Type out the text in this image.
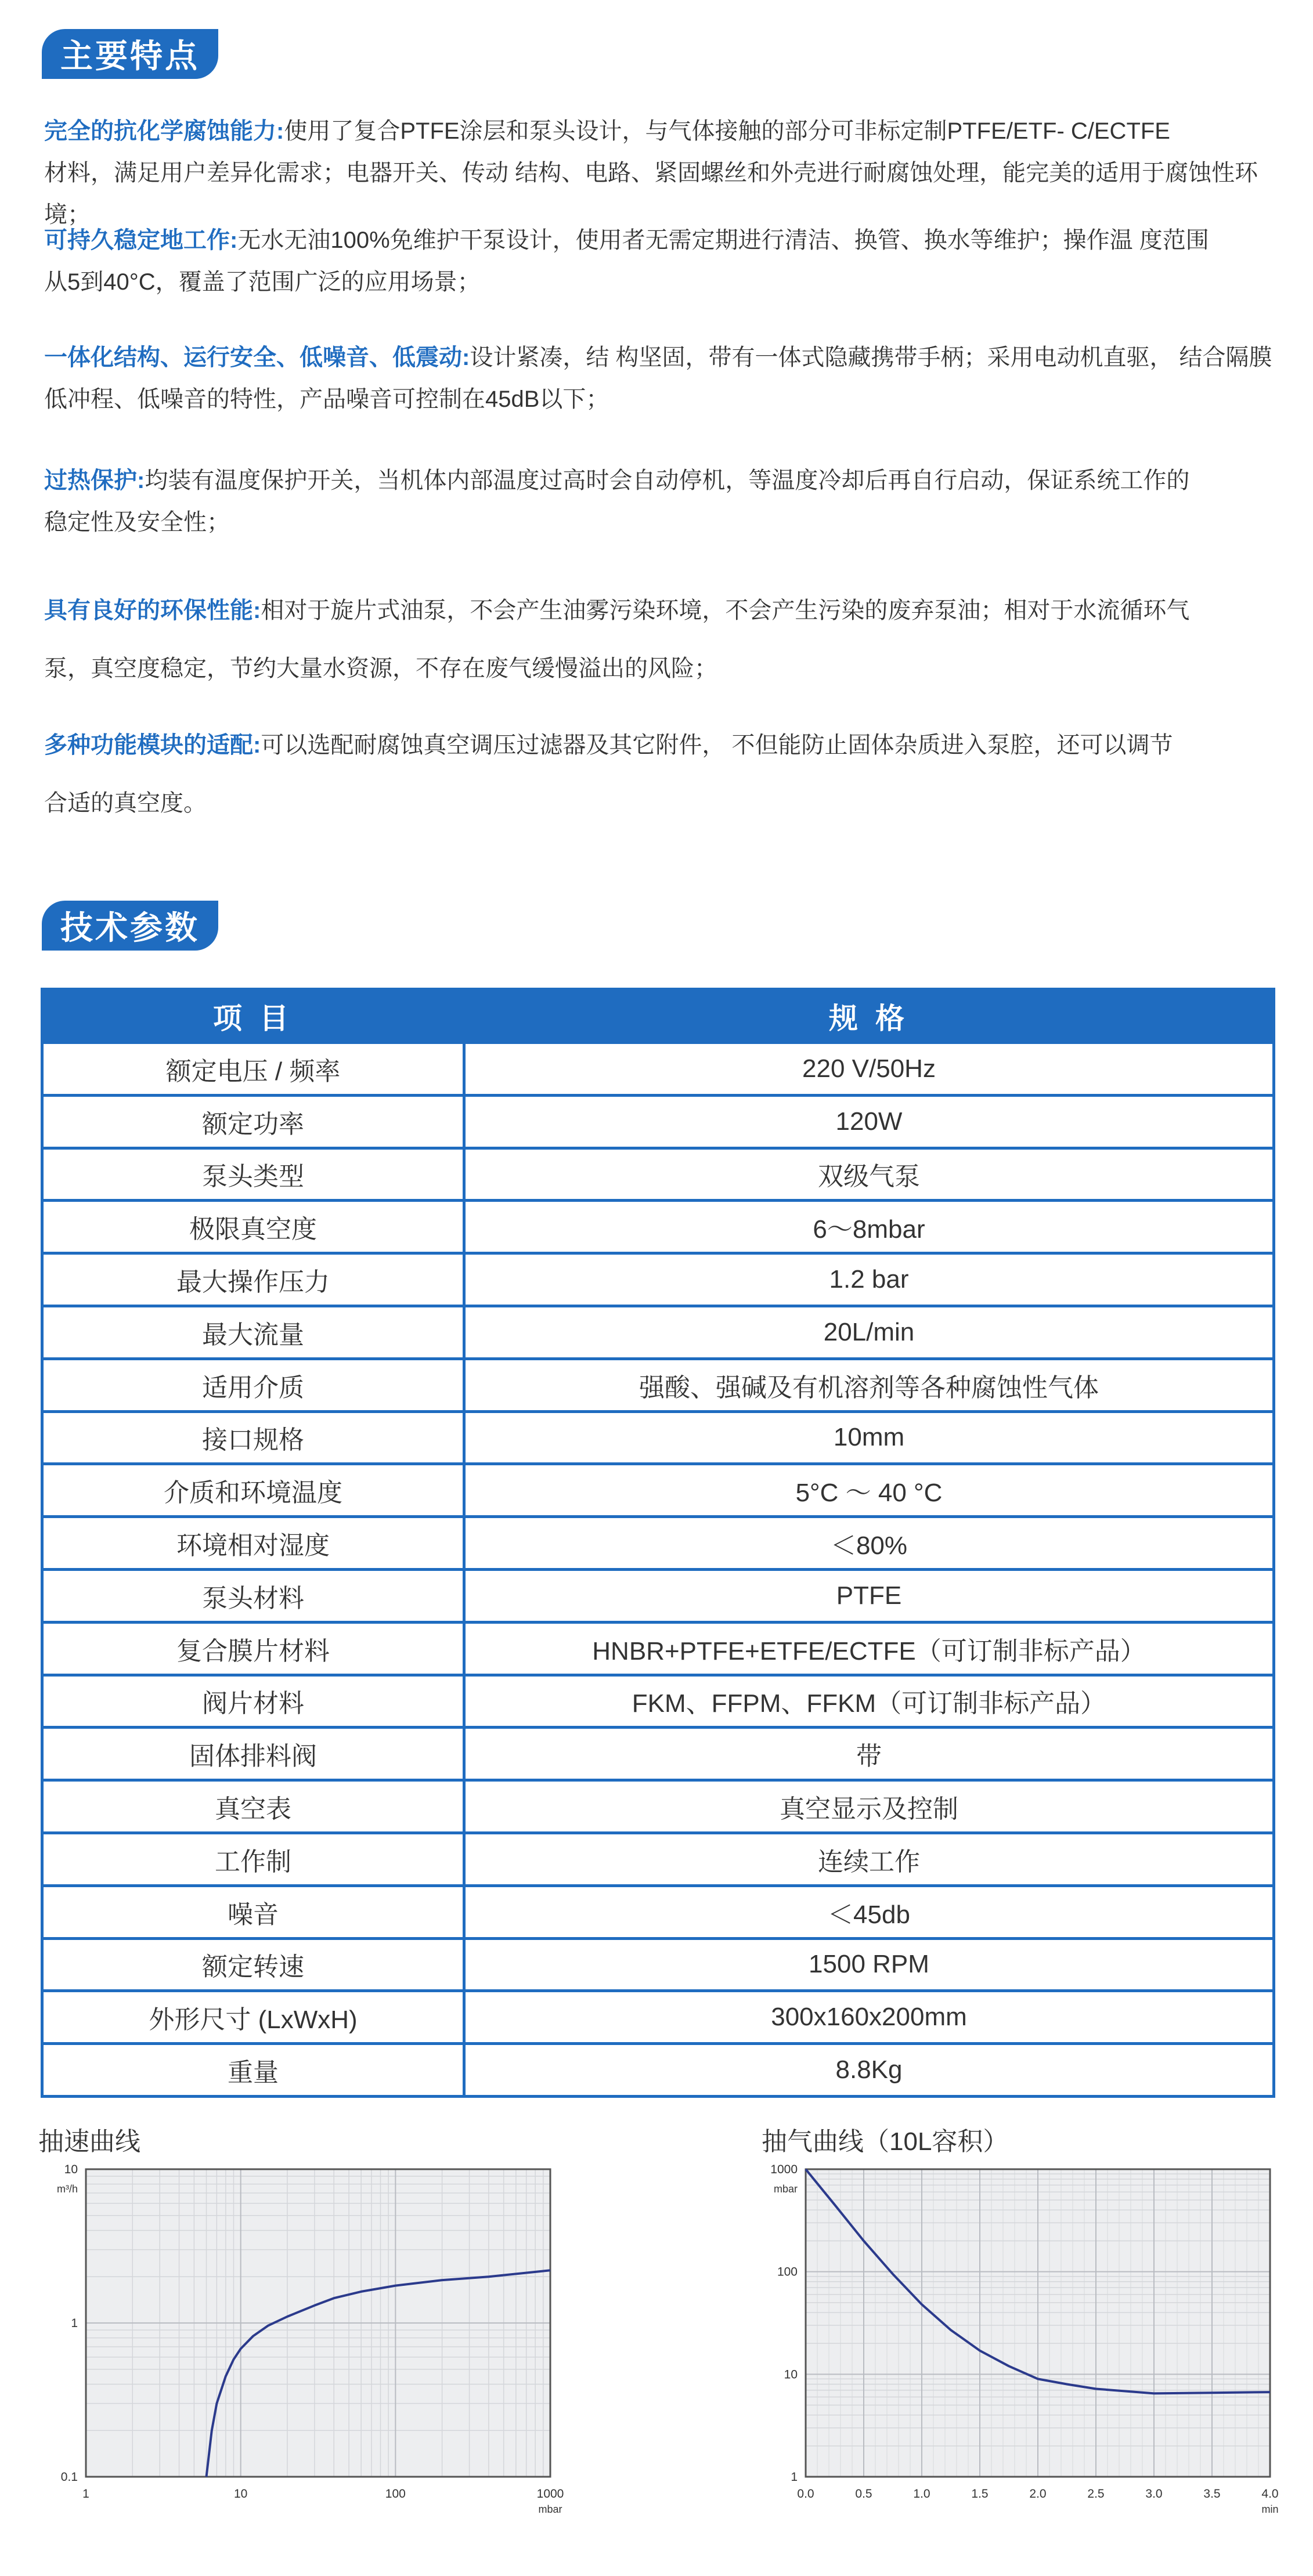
主要特点
完全的抗化学腐蚀能力:使用了复合PTFE涂层和泵头设计，与气体接触的部分可非标定制PTFE/ETF- C/ECTFE
材料，满足用户差异化需求；电器开关、传动 结构、电路、紧固螺丝和外壳进行耐腐蚀处理，能完美的适用于腐蚀性环境；
可持久稳定地工作:无水无油100%免维护干泵设计，使用者无需定期进行清洁、换管、换水等维护；操作温 度范围
从5到40°C，覆盖了范围广泛的应用场景；
一体化结构、运行安全、低噪音、低震动:设计紧凑，结 构坚固，带有一体式隐藏携带手柄；采用电动机直驱， 结合隔膜
低冲程、低噪音的特性，产品噪音可控制在45dB以下；
过热保护:均装有温度保护开关，当机体内部温度过高时会自动停机，等温度冷却后再自行启动，保证系统工作的
稳定性及安全性；
具有良好的环保性能:相对于旋片式油泵，不会产生油雾污染环境，不会产生污染的废弃泵油；相对于水流循环气
泵，真空度稳定，节约大量水资源，不存在废气缓慢溢出的风险；
多种功能模块的适配:可以选配耐腐蚀真空调压过滤器及其它附件， 不但能防止固体杂质进入泵腔，还可以调节
合适的真空度。
技术参数
项 目	规 格
额定电压 / 频率	220 V/50Hz
额定功率	120W
泵头类型	双级气泵
极限真空度	6～8mbar
最大操作压力	1.2 bar
最大流量	20L/min
适用介质	强酸、强碱及有机溶剂等各种腐蚀性气体
接口规格	10mm
介质和环境温度	5°C ～ 40 °C
环境相对湿度	＜80%
泵头材料	PTFE
复合膜片材料	HNBR+PTFE+ETFE/ECTFE（可订制非标产品）
阀片材料	FKM、FFPM、FFKM（可订制非标产品）
固体排料阀	带
真空表	真空显示及控制
工作制	连续工作
噪音	＜45db
额定转速	1500 RPM
外形尺寸 (LxWxH)	300x160x200mm
重量	8.8Kg
抽速曲线	抽气曲线（10L容积）
1	10	100	1000
0.1
1
10
m³/h
mbar
0.0	0.5	1.0	1.5	2.0	2.5	3.0	3.5	4.0
1
10
100
1000
mbar
min
